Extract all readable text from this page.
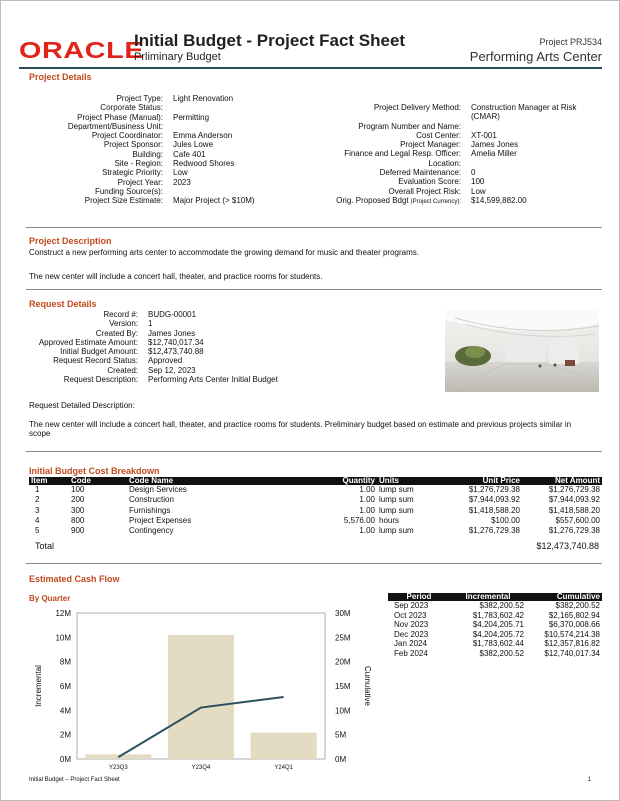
ORACLE
Initial Budget - Project Fact Sheet
Prliminary Budget
Project PRJ534
Performing Arts Center
Project Details
Project Type:	Light Renovation
Corporate Status:
Project Phase (Manual):	Permitting
Department/Business Unit:
Project Coordinator:	Emma Anderson
Project Sponsor:	Jules Lowe
Building:	Cafe 401
Site - Region:	Redwood Shores
Strategic Priority:	Low
Project Year:	2023
Funding Source(s):
Project Size Estimate:	Major Project (> $10M)
Project Delivery Method:	Construction Manager at Risk
(CMAR)
Program Number and Name:
Cost Center:	XT-001
Project Manager:	James Jones
Finance and Legal Resp. Officer:	Amelia Miller
Location:
Deferred Maintenance:	0
Evaluation Score:	100
Overall Project Risk:	Low
Orig. Proposed Bdgt (Project Currency):	$14,599,882.00
Project Description
Construct a new performing arts center to accommodate the growing demand for music and theater programs.
The new center will include a concert hall, theater, and practice rooms for students.
Request Details
Record #:	BUDG-00001
Version:	1
Created By:	James Jones
Approved Estimate Amount:	$12,740,017.34
Initial Budget Amount:	$12,473,740.88
Request Record Status:	Approved
Created:	Sep 12, 2023
Request Description:	Performing Arts Center Initial Budget
Request Detailed Description:
The new center will include a concert hall, theater, and practice rooms for students. Preliminary budget based on estimate and previous projects similar in scope
Initial Budget Cost Breakdown
Item	Code	Code Name	Quantity	Units	Unit Price	Net Amount
1	100	Design Services	1.00	lump sum	$1,276,729.38	$1,276,729.38
2	200	Construction	1.00	lump sum	$7,944,093.92	$7,944,093.92
3	300	Furnishings	1.00	lump sum	$1,418,588.20	$1,418,588.20
4	800	Project Expenses	5,576.00	hours	$100.00	$557,600.00
5	900	Contingency	1.00	lump sum	$1,276,729.38	$1,276,729.38
Total	$12,473,740.88
Estimated Cash Flow
By Quarter
0M
2M
4M
6M
8M
10M
12M
0M
5M
10M
15M
20M
25M
30M
Incremental	Cumulative
Y23Q3	Y23Q4	Y24Q1
Period	Incremental	Cumulative
Sep 2023	$382,200.52	$382,200.52
Oct 2023	$1,783,602.42	$2,165,802.94
Nov 2023	$4,204,205.71	$6,370,008.66
Dec 2023	$4,204,205.72	$10,574,214.38
Jan 2024	$1,783,602.44	$12,357,816.82
Feb 2024	$382,200.52	$12,740,017.34
Initial Budget – Project Fact Sheet	1
